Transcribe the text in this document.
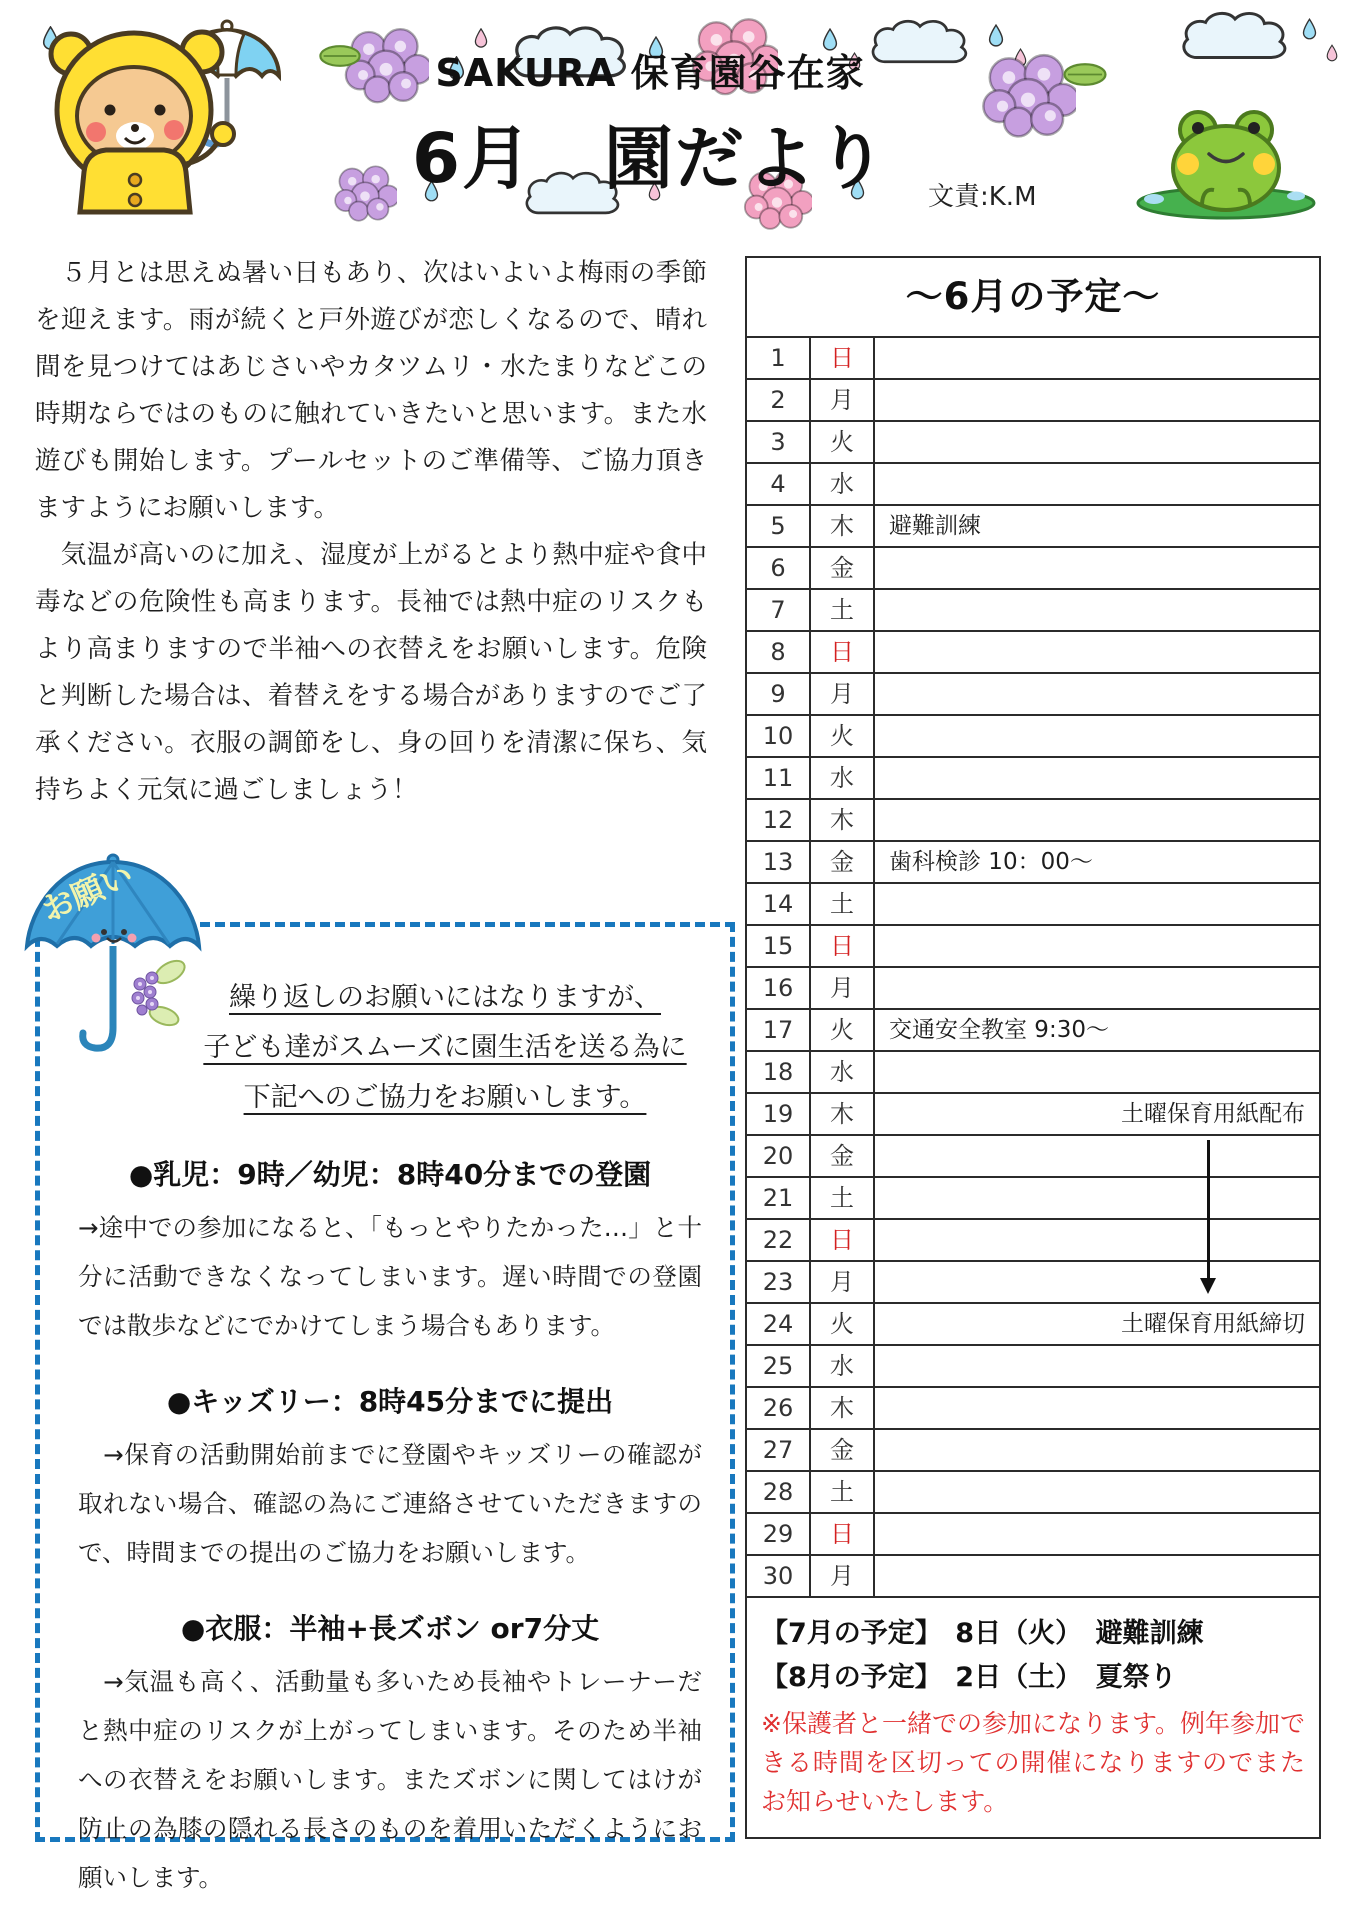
SAKURA 保育園谷在家
6月　園だより	文責:K.M

　５月とは思えぬ暑い日もあり、次はいよいよ梅雨の季節を迎えます。雨が続くと戸外遊びが恋しくなるので、晴れ間を見つけてはあじさいやカタツムリ・水たまりなどこの時期ならではのものに触れていきたいと思います。また水遊びも開始します。プールセットのご準備等、ご協力頂きますようにお願いします。

　気温が高いのに加え、湿度が上がるとより熱中症や食中毒などの危険性も高まります。長袖では熱中症のリスクもより高まりますので半袖への衣替えをお願いします。危険と判断した場合は、着替えをする場合がありますのでご了承ください。衣服の調節をし、身の回りを清潔に保ち、気持ちよく元気に過ごしましょう！

お願い
繰り返しのお願いにはなりますが、
子ども達がスムーズに園生活を送る為に
下記へのご協力をお願いします。
●乳児：9時／幼児：8時40分までの登園
→途中での参加になると、「もっとやりたかった…」と十分に活動できなくなってしまいます。遅い時間での登園では散歩などにでかけてしまう場合もあります。
●キッズリー：8時45分までに提出
　→保育の活動開始前までに登園やキッズリーの確認が取れない場合、確認の為にご連絡させていただきますので、時間までの提出のご協力をお願いします。
●衣服：半袖+長ズボン or7分丈
　→気温も高く、活動量も多いため長袖やトレーナーだと熱中症のリスクが上がってしまいます。そのため半袖への衣替えをお願いします。またズボンに関してはけが防止の為膝の隠れる長さのものを着用いただくようにお願いします。
～6月の予定～
1	日
2	月
3	火
4	水
5	木	避難訓練
6	金
7	土
8	日
9	月
10	火
11	水
12	木
13	金	歯科検診 10：00～
14	土
15	日
16	月
17	火	交通安全教室 9:30～
18	水
19	木	土曜保育用紙配布
20	金
21	土
22	日
23	月
24	火	土曜保育用紙締切
25	水
26	木
27	金
28	土
29	日
30	月
【7月の予定】　8日（火）　避難訓練
【8月の予定】　2日（土）　夏祭り
※保護者と一緒での参加になります。例年参加できる時間を区切っての開催になりますのでまたお知らせいたします。
